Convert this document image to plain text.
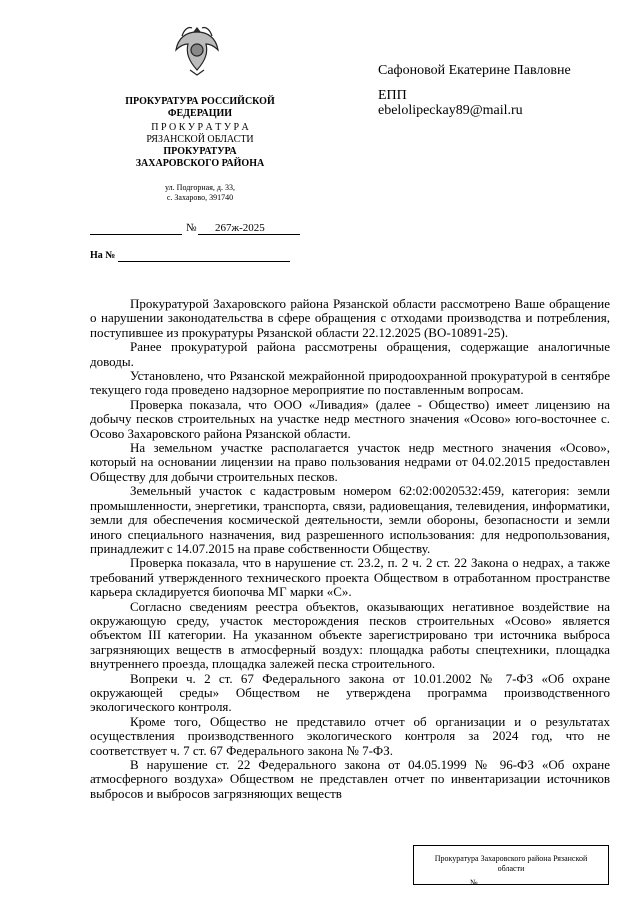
ПРОКУРАТУРА РОССИЙСКОЙ
ФЕДЕРАЦИИ
П Р О К У Р А Т У Р А
РЯЗАНСКОЙ ОБЛАСТИ
ПРОКУРАТУРА
ЗАХАРОВСКОГО РАЙОНА
ул. Подгорная, д. 33,
с. Захарово, 391740
№ 267ж-2025
На №
Сафоновой Екатерине Павловне
ЕПП
ebelolipeckay89@mail.ru

Прокуратурой Захаровского района Рязанской области рассмотрено Ваше обращение о нарушении законодательства в сфере обращения с отходами производства и потребления, поступившее из прокуратуры Рязанской области 22.12.2025 (ВО-10891-25).

Ранее прокуратурой района рассмотрены обращения, содержащие аналогичные доводы.

Установлено, что Рязанской межрайонной природоохранной прокуратурой в сентябре текущего года проведено надзорное мероприятие по поставленным вопросам.

Проверка показала, что ООО «Ливадия» (далее - Общество) имеет лицензию на добычу песков строительных на участке недр местного значения «Осово» юго-восточнее с. Осово Захаровского района Рязанской области.

На земельном участке располагается участок недр местного значения «Осово», который на основании лицензии на право пользования недрами от 04.02.2015 предоставлен Обществу для добычи строительных песков.

Земельный участок с кадастровым номером 62:02:0020532:459, категория: земли промышленности, энергетики, транспорта, связи, радиовещания, телевидения, информатики, земли для обеспечения космической деятельности, земли обороны, безопасности и земли иного специального назначения, вид разрешенного использования: для недропользования, принадлежит с 14.07.2015 на праве собственности Обществу.

Проверка показала, что в нарушение ст. 23.2, п. 2 ч. 2 ст. 22 Закона о недрах, а также требований утвержденного технического проекта Обществом в отработанном пространстве карьера складируется биопочва МГ марки «С».

Согласно сведениям реестра объектов, оказывающих негативное воздействие на окружающую среду, участок месторождения песков строительных «Осово» является объектом III категории. На указанном объекте зарегистрировано три источника выброса загрязняющих веществ в атмосферный воздух: площадка работы спецтехники, площадка внутреннего проезда, площадка залежей песка строительного.

Вопреки ч. 2 ст. 67 Федерального закона от 10.01.2002 № 7-ФЗ «Об охране окружающей среды» Обществом не утверждена программа производственного экологического контроля.

Кроме того, Общество не представило отчет об организации и о результатах осуществления производственного экологического контроля за 2024 год, что не соответствует ч. 7 ст. 67 Федерального закона № 7-ФЗ.

В нарушение ст. 22 Федерального закона от 04.05.1999 № 96-ФЗ «Об охране атмосферного воздуха» Обществом не представлен отчет по инвентаризации источников выбросов и выбросов загрязняющих веществ

Прокуратура Захаровского района Рязанской
области
№
